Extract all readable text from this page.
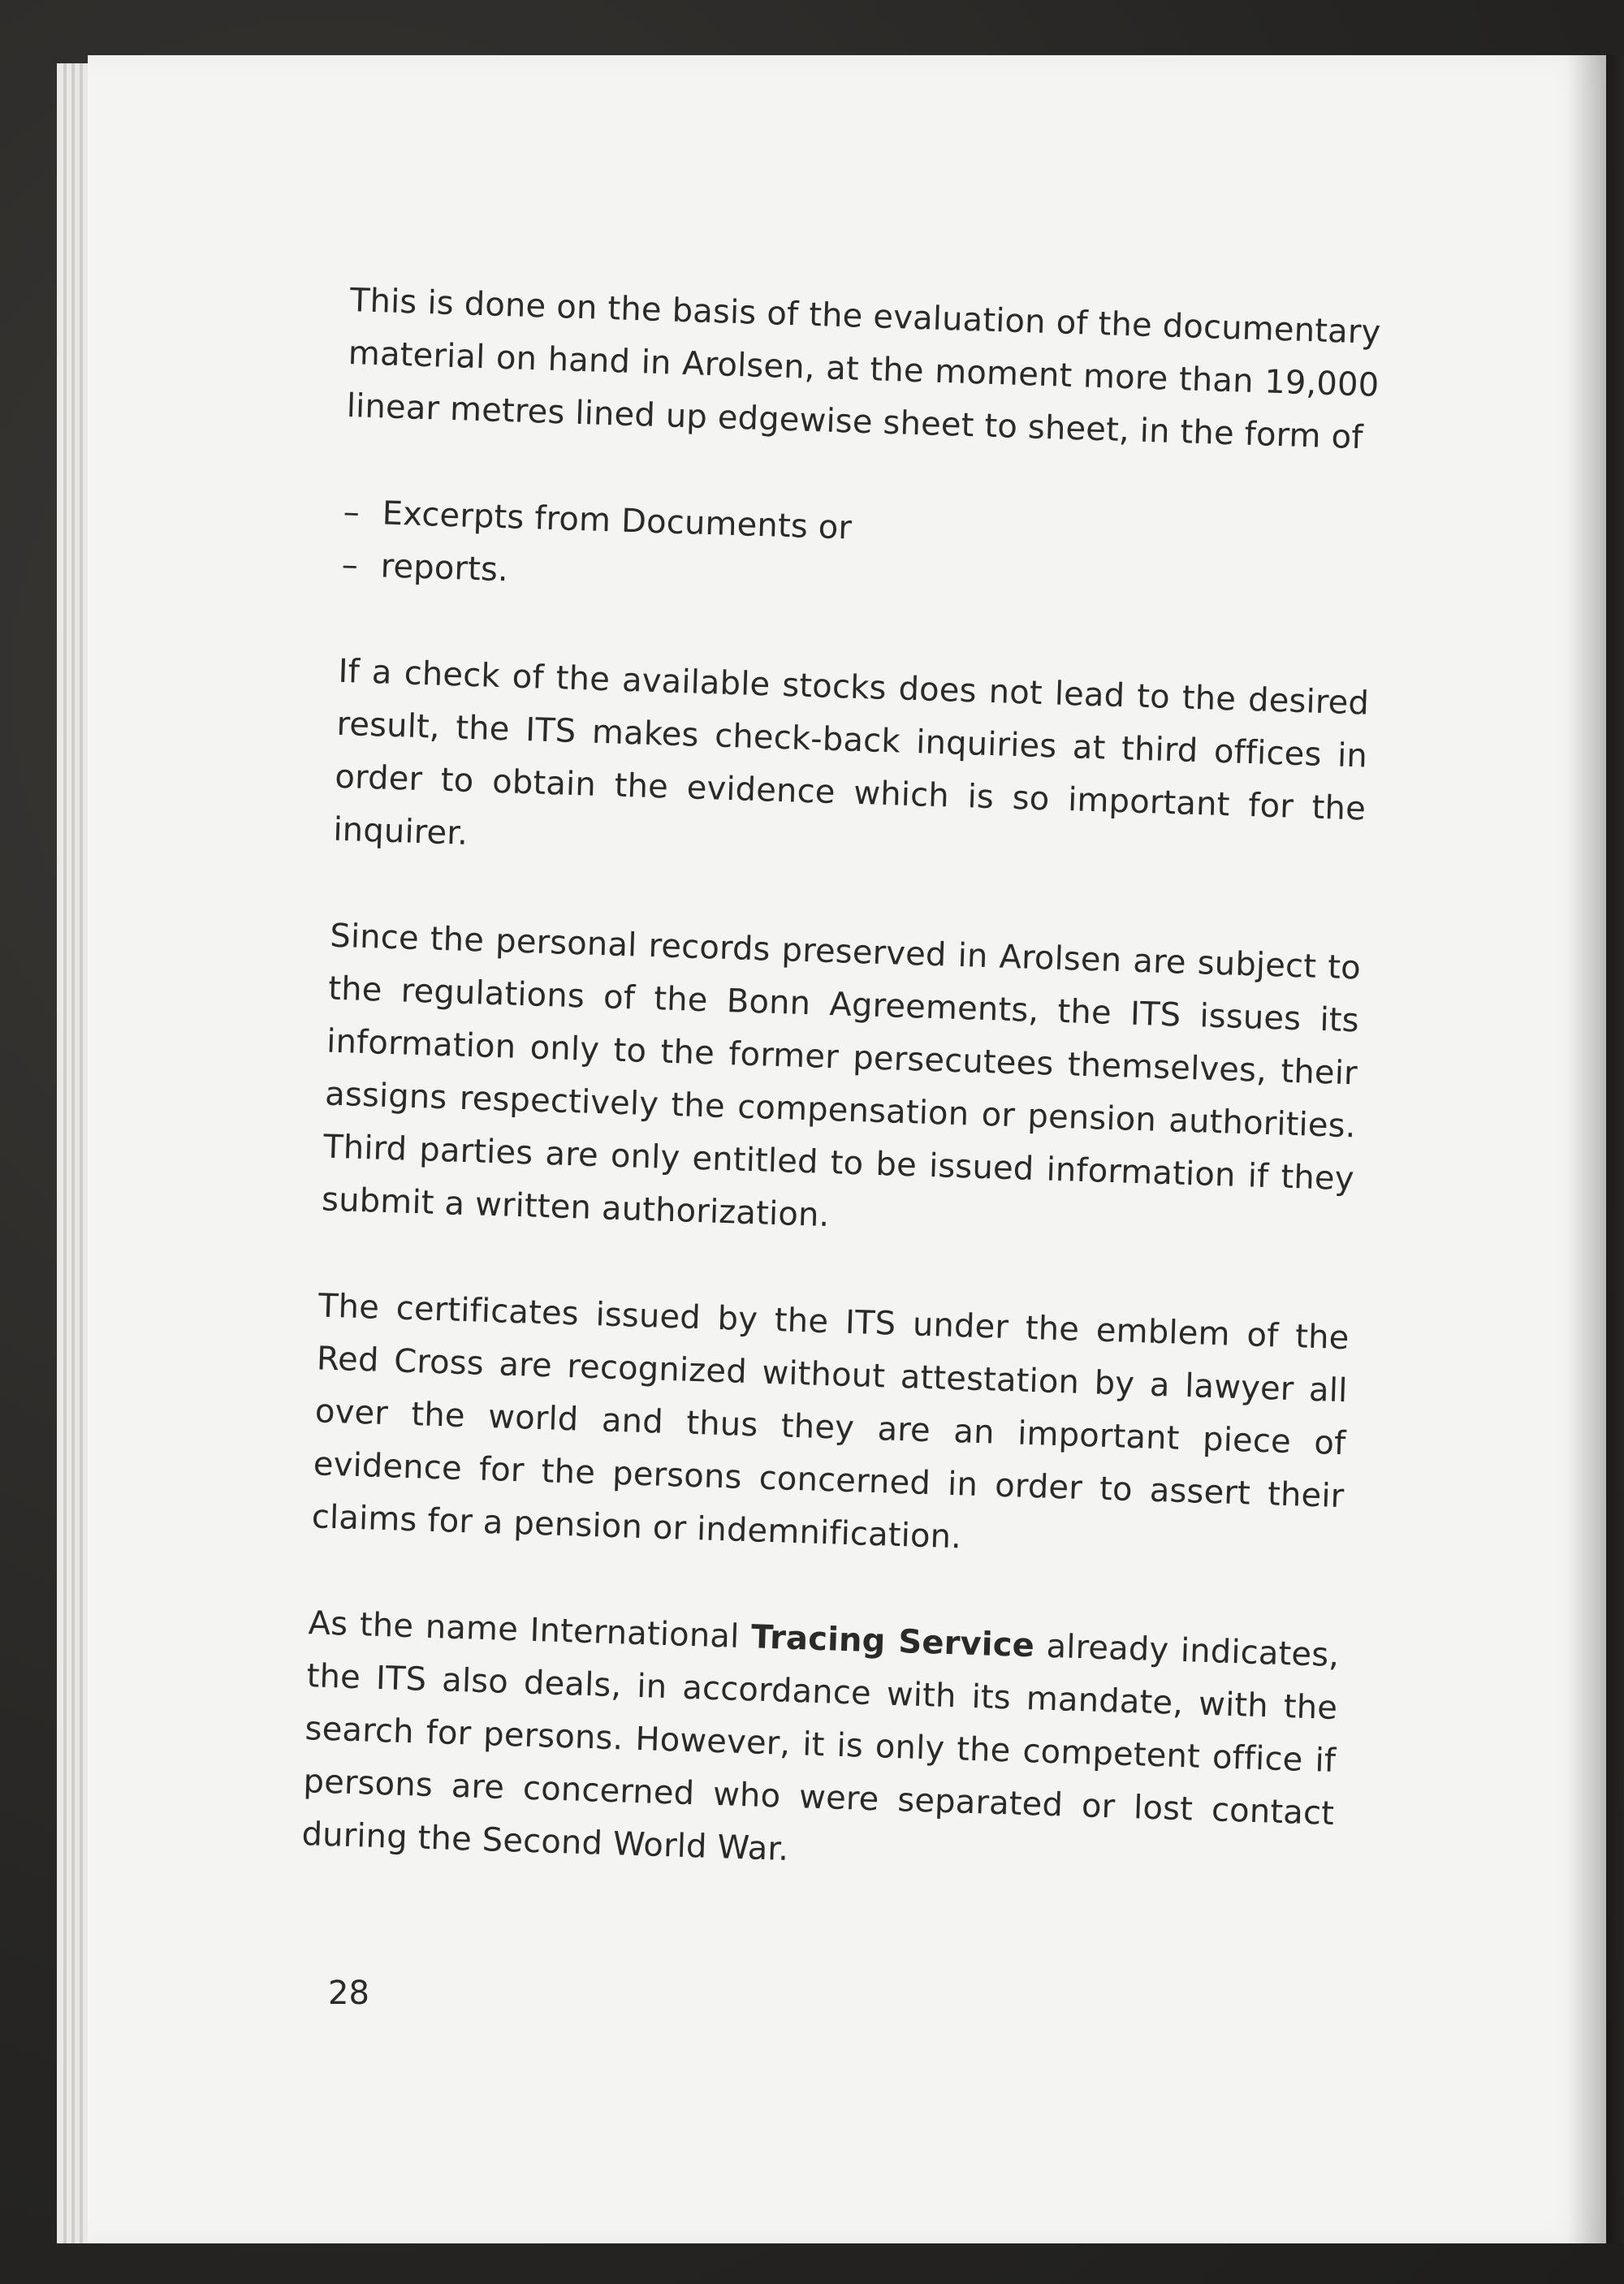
This is done on the basis of the evaluation of the documentary material on hand in Arolsen, at the moment more than 19,000 linear metres lined up edgewise sheet to sheet, in the form of

– Excerpts from Documents or
– reports.

If a check of the available stocks does not lead to the desired result, the ITS makes check-back inquiries at third offices in order to obtain the evidence which is so important for the inquirer.

Since the personal records preserved in Arolsen are subject to the regulations of the Bonn Agreements, the ITS issues its information only to the former persecutees themselves, their assigns respectively the compensation or pension authorities. Third parties are only entitled to be issued information if they submit a written authorization.

The certificates issued by the ITS under the emblem of the Red Cross are recognized without attestation by a lawyer all over the world and thus they are an important piece of evidence for the persons concerned in order to assert their claims for a pension or indemnification.

As the name International Tracing Service already indicates, the ITS also deals, in accordance with its mandate, with the search for persons. However, it is only the competent office if persons are concerned who were separated or lost contact during the Second World War.

28
